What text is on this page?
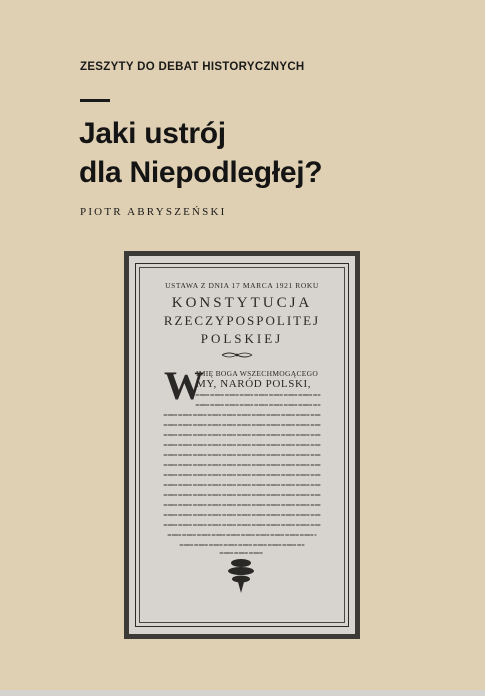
ZESZYTY DO DEBAT HISTORYCZNYCH
Jaki ustrój
dla Niepodległej?
PIOTR ABRYSZEŃSKI
USTAWA Z DNIA 17 MARCA 1921 ROKU
KONSTYTUCJA
RZECZYPOSPOLITEJ
POLSKIEJ
W
IMIĘ BOGA WSZECHMOGĄCEGO
MY, NARÓD POLSKI,
